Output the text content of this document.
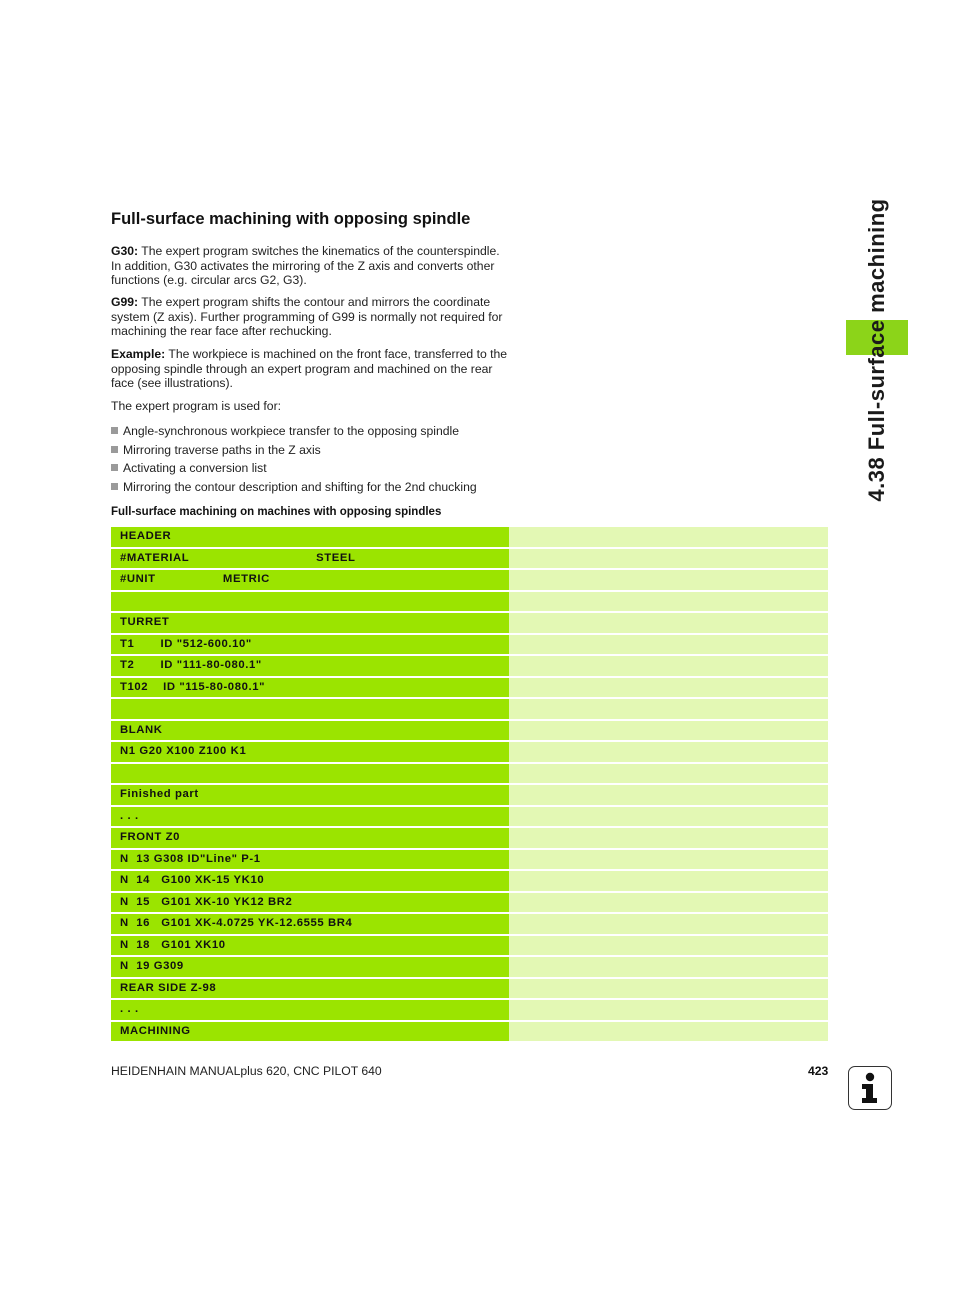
4.38 Full-surface machining
Full-surface machining with opposing spindle

G30: The expert program switches the kinematics of the counterspindle. In addition, G30 activates the mirroring of the Z axis and converts other functions (e.g. circular arcs G2, G3).

G99: The expert program shifts the contour and mirrors the coordinate system (Z axis). Further programming of G99 is normally not required for machining the rear face after rechucking.

Example: The workpiece is machined on the front face, transferred to the opposing spindle through an expert program and machined on the rear face (see illustrations).

The expert program is used for:

Angle-synchronous workpiece transfer to the opposing spindle
Mirroring traverse paths in the Z axis
Activating a conversion list
Mirroring the contour description and shifting for the 2nd chucking

Full-surface machining on machines with opposing spindles

HEADER
#MATERIAL                                  STEEL
#UNIT                  METRIC
TURRET
T1       ID "512-600.10"
T2       ID "111-80-080.1"
T102    ID "115-80-080.1"
BLANK
N1 G20 X100 Z100 K1
Finished part
. . .
FRONT Z0
N  13 G308 ID"Line" P-1
N  14   G100 XK-15 YK10
N  15   G101 XK-10 YK12 BR2
N  16   G101 XK-4.0725 YK-12.6555 BR4
N  18   G101 XK10
N  19 G309
REAR SIDE Z-98
. . .
MACHINING
HEIDENHAIN MANUALplus 620, CNC PILOT 640	423
